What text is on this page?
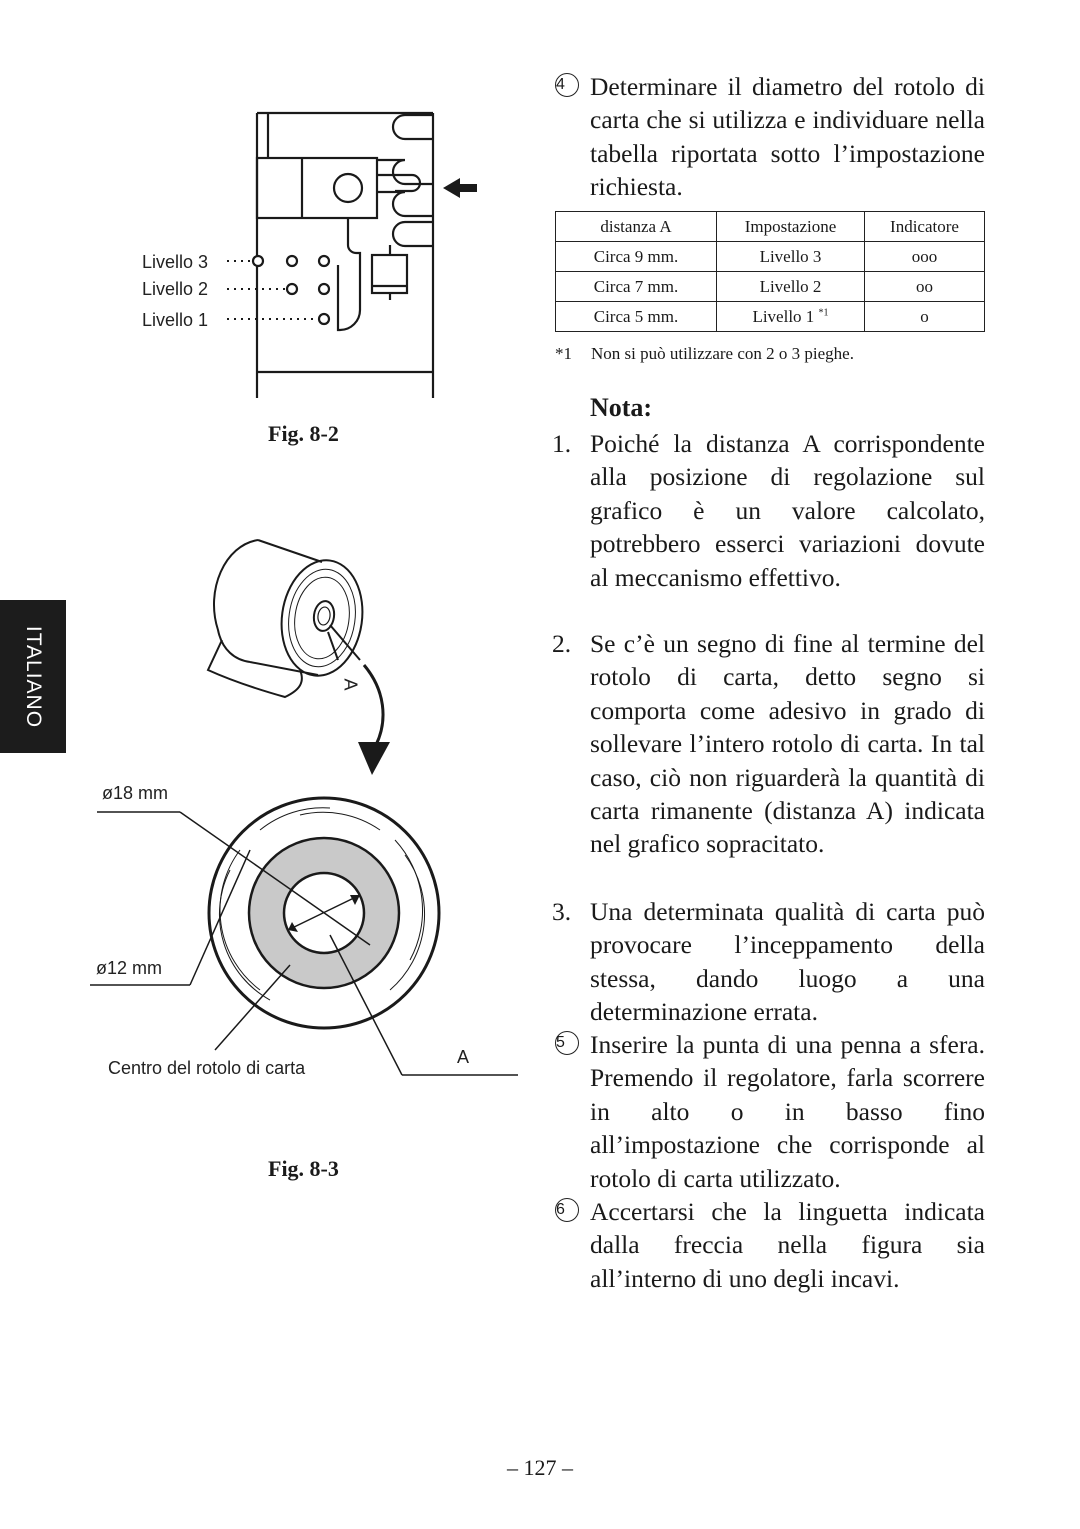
ITALIANO
Livello 3
Livello 2
Livello 1
Fig. 8-2
A
ø18 mm
ø12 mm
Centro del rotolo di carta
A
Fig. 8-3
4 Determinare il diametro del rotolo di carta che si utilizza e individuare nella tabella riportata sotto l’impostazione richiesta.
distanza A	Impostazione	Indicatore
Circa 9 mm.	Livello 3	ooo
Circa 7 mm.	Livello 2	oo
Circa 5 mm.	Livello 1 $^{*1}$	o
*1 Non si può utilizzare con 2 o 3 pieghe.
Nota:
1. Poiché la distanza A corrispondente alla posizione di regolazione sul grafico è un valore calcolato, potrebbero esserci variazioni dovute al meccanismo effettivo.
2. Se c’è un segno di fine al termine del rotolo di carta, detto segno si comporta come adesivo in grado di sollevare l’intero rotolo di carta. In tal caso, ciò non riguarderà la quantità di carta rimanente (distanza A) indicata nel grafico sopracitato.
3. Una determinata qualità di carta può provocare l’inceppamento della stessa, dando luogo a una determinazione errata.
5 Inserire la punta di una penna a sfera. Premendo il regolatore, farla scorrere in alto o in basso fino all’impostazione che corrisponde al rotolo di carta utilizzato.
6 Accertarsi che la linguetta indicata dalla freccia nella figura sia all’interno di uno degli incavi.
– 127 –
